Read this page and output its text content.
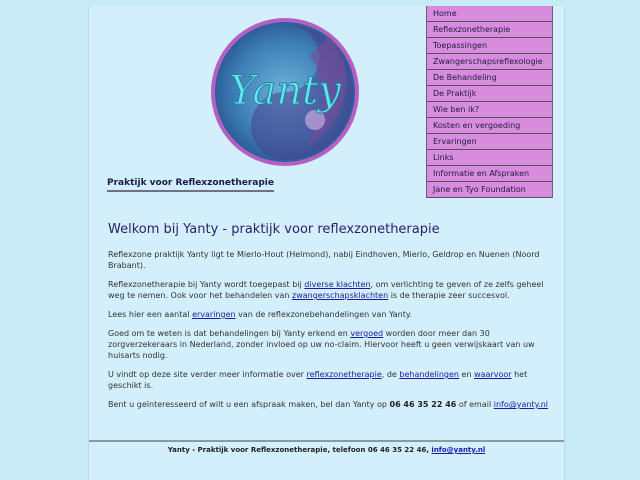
Yanty

Praktijk voor Reflexzonetherapie

Home
Reflexzonetherapie
Toepassingen
Zwangerschapsreflexologie
De Behandeling
De Praktijk
Wie ben ik?
Kosten en vergoeding
Ervaringen
Links
Informatie en Afspraken
Jane en Tyo Foundation
Welkom bij Yanty - praktijk voor reflexzonetherapie

Reflexzone praktijk Yanty ligt te Mierlo-Hout (Helmond), nabij Eindhoven, Mierlo, Geldrop en Nuenen (Noord Brabant).

Reflexzonetherapie bij Yanty wordt toegepast bij diverse klachten, om verlichting te geven of ze zelfs geheel weg te nemen. Ook voor het behandelen van zwangerschapsklachten is de therapie zeer succesvol.

Lees hier een aantal ervaringen van de reflexzonebehandelingen van Yanty.

Goed om te weten is dat behandelingen bij Yanty erkend en vergoed worden door meer dan 30 zorgverzekeraars in Nederland, zonder invloed op uw no-claim. Hiervoor heeft u geen verwijskaart van uw huisarts nodig.

U vindt op deze site verder meer informatie over reflexzonetherapie, de behandelingen en waarvoor het geschikt is.

Bent u geïnteresseerd of wilt u een afspraak maken, bel dan Yanty op 06 46 35 22 46 of email info@yanty.nl

Yanty - Praktijk voor Reflexzonetherapie, telefoon 06 46 35 22 46, info@yanty.nl
